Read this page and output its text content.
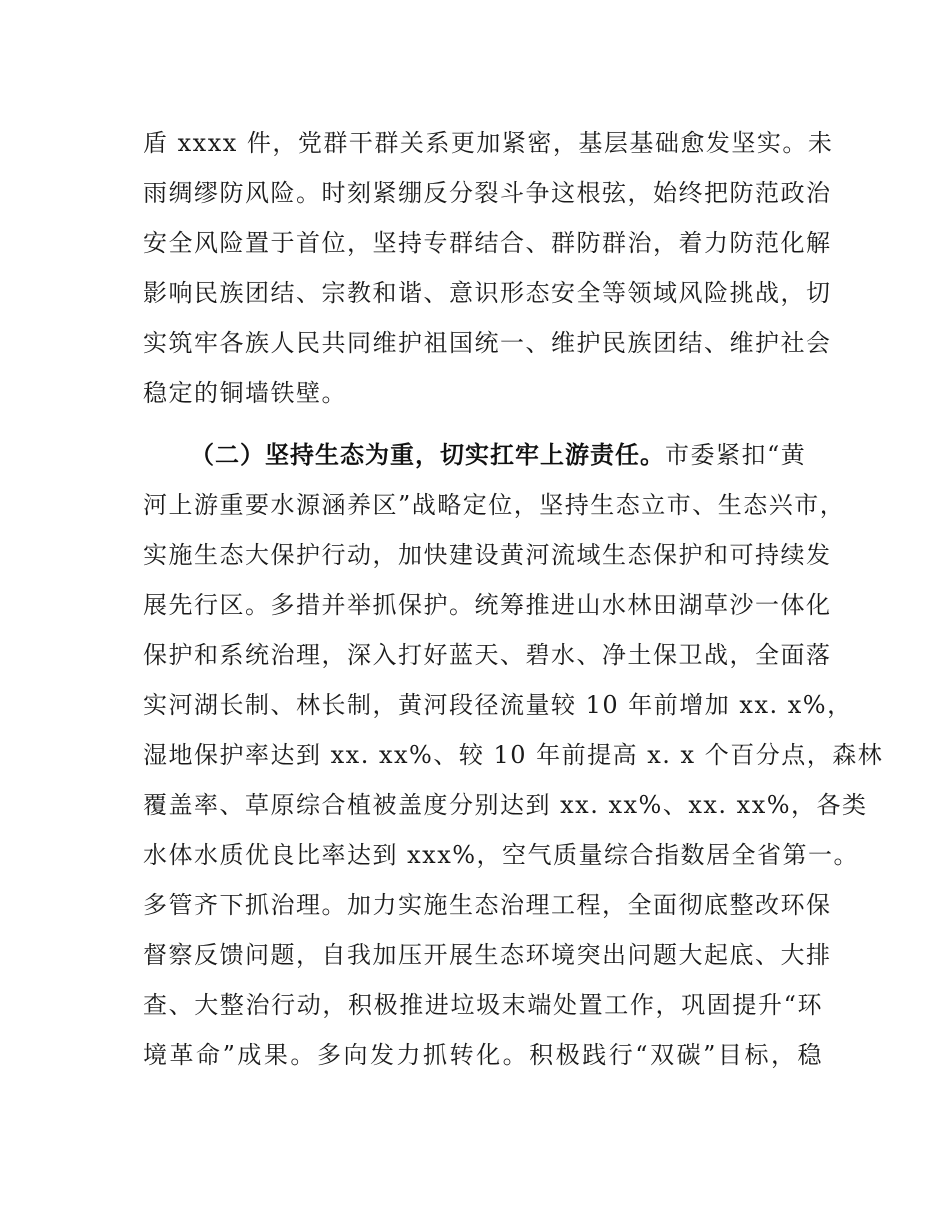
盾 xxxx 件，党群干群关系更加紧密，基层基础愈发坚实。未
雨绸缪防风险。时刻紧绷反分裂斗争这根弦，始终把防范政治
安全风险置于首位，坚持专群结合、群防群治，着力防范化解
影响民族团结、宗教和谐、意识形态安全等领域风险挑战，切
实筑牢各族人民共同维护祖国统一、维护民族团结、维护社会
稳定的铜墙铁壁。
（二）坚持生态为重，切实扛牢上游责任。市委紧扣“黄
河上游重要水源涵养区”战略定位，坚持生态立市、生态兴市，
实施生态大保护行动，加快建设黄河流域生态保护和可持续发
展先行区。多措并举抓保护。统筹推进山水林田湖草沙一体化
保护和系统治理，深入打好蓝天、碧水、净土保卫战，全面落
实河湖长制、林长制，黄河段径流量较 10 年前增加 xx. x%，
湿地保护率达到 xx. xx%、较 10 年前提高 x. x 个百分点，森林
覆盖率、草原综合植被盖度分别达到 xx. xx%、xx. xx%，各类
水体水质优良比率达到 xxx%，空气质量综合指数居全省第一。
多管齐下抓治理。加力实施生态治理工程，全面彻底整改环保
督察反馈问题，自我加压开展生态环境突出问题大起底、大排
查、大整治行动，积极推进垃圾末端处置工作，巩固提升“环
境革命”成果。多向发力抓转化。积极践行“双碳”目标，稳
